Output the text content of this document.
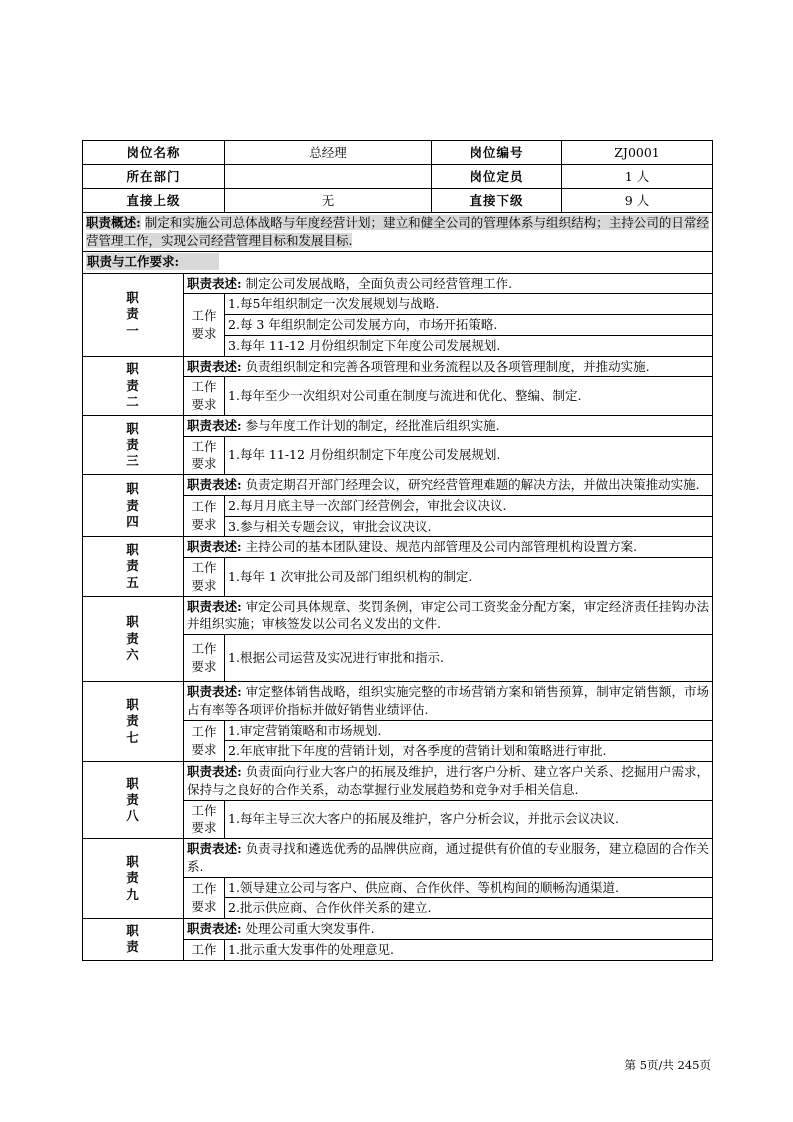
岗位名称		总经理	岗位编号	ZJ0001
所在部门			岗位定员	1 人
直接上级		无	直接下级	9 人
职责概述: 制定和实施公司总体战略与年度经营计划；建立和健全公司的管理体系与组织结构；主持公司的日常经营管理工作，实现公司经营管理目标和发展目标.				
职责与工作要求:				

职
责
一	职责表述: 制定公司发展战略，全面负责公司经营管理工作.			

	工作
要求	1.每5年组织制定一次发展规划与战略.		
		2.每 3 年组织制定公司发展方向，市场开拓策略.		
		3.每年 11-12 月份组织制定下年度公司发展规划.		

职
责
二	职责表述: 负责组织制定和完善各项管理和业务流程以及各项管理制度，并推动实施.			

	工作
要求	1.每年至少一次组织对公司重在制度与流进和优化、整编、制定.		

职
责
三	职责表述: 参与年度工作计划的制定，经批准后组织实施.			

	工作
要求	1.每年 11-12 月份组织制定下年度公司发展规划.		

职
责
四	职责表述: 负责定期召开部门经理会议，研究经营管理难题的解决方法，并做出决策推动实施.			

	工作
要求	2.每月月底主导一次部门经营例会，审批会议决议.		
		3.参与相关专题会议，审批会议决议.		

职
责
五	职责表述: 主持公司的基本团队建设、规范内部管理及公司内部管理机构设置方案.			

	工作
要求	1.每年 1 次审批公司及部门组织机构的制定.		

职
责
六	职责表述: 审定公司具体规章、奖罚条例，审定公司工资奖金分配方案，审定经济责任挂钩办法并组织实施；审核签发以公司名义发出的文件.			

	工作
要求	1.根据公司运营及实况进行审批和指示.		

职
责
七	职责表述: 审定整体销售战略，组织实施完整的市场营销方案和销售预算，制审定销售额，市场占有率等各项评价指标并做好销售业绩评估.			

	工作
要求	1.审定营销策略和市场规划.		
		2.年底审批下年度的营销计划，对各季度的营销计划和策略进行审批.		

职
责
八	职责表述: 负责面向行业大客户的拓展及维护，进行客户分析、建立客户关系、挖掘用户需求，保持与之良好的合作关系，动态掌握行业发展趋势和竞争对手相关信息.			

	工作
要求	1.每年主导三次大客户的拓展及维护，客户分析会议，并批示会议决议.		

职
责
九	职责表述: 负责寻找和遴选优秀的品牌供应商，通过提供有价值的专业服务，建立稳固的合作关系.			

	工作
要求	1.领导建立公司与客户、供应商、合作伙伴、等机构间的顺畅沟通渠道.		
		2.批示供应商、合作伙伴关系的建立.		

职
责	职责表述: 处理公司重大突发事件.			

	工作	1.批示重大发事件的处理意见.		
第 5页/共 245页
